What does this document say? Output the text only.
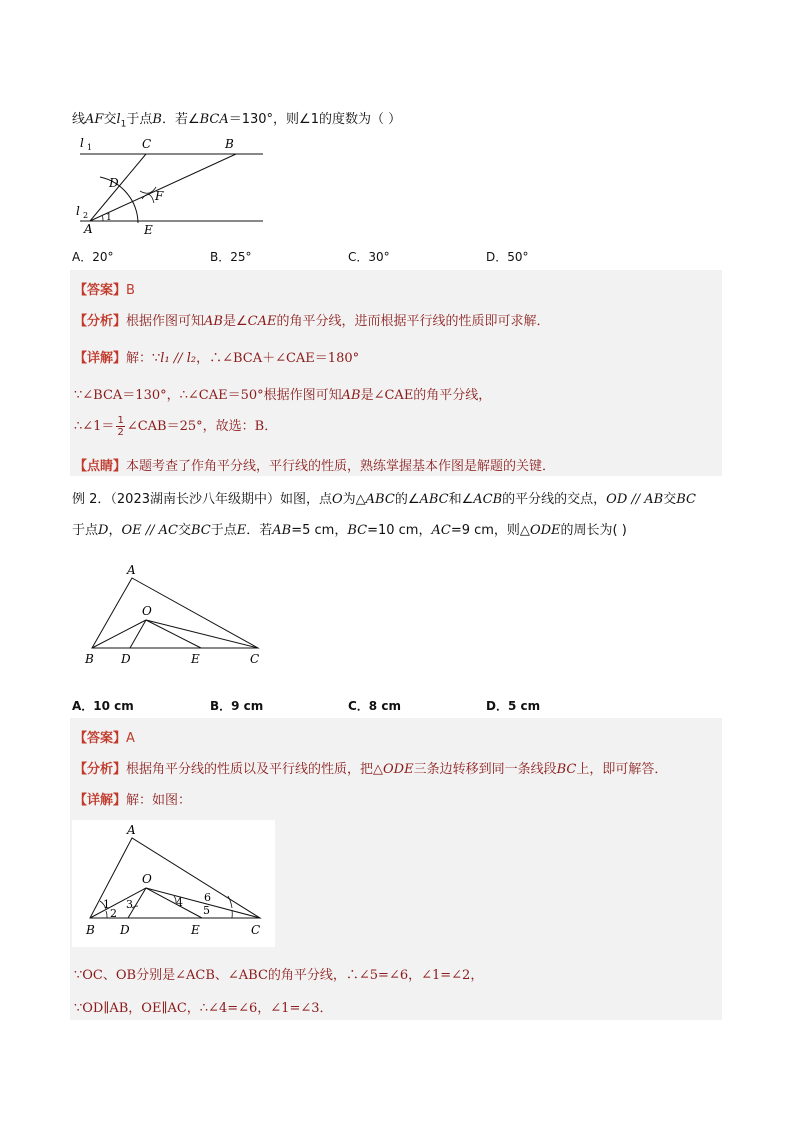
线AF交$l_1$于点B．若∠BCA＝130°，则∠1的度数为（ ）
l 1	C	B
D
F
l 2 1
A	E
A．20°	B．25°	C．30°	D．50°
【答案】B
【分析】根据作图可知AB是∠CAE的角平分线，进而根据平行线的性质即可求解．
【详解】解：∵l₁ // l₂，∴∠BCA＋∠CAE＝180°
∵∠BCA＝130°，∴∠CAE＝50°根据作图可知AB是∠CAE的角平分线，
∴∠1＝ $\frac{1}{2}$ ∠CAB＝25°，故选：B．
【点睛】本题考查了作角平分线，平行线的性质，熟练掌握基本作图是解题的关键．
例 2．（2023湖南长沙八年级期中）如图，点O为△ABC的∠ABC和∠ACB的平分线的交点，OD // AB交BC
于点D，OE // AC交BC于点E．若AB=5 cm，BC=10 cm，AC=9 cm，则△ODE的周长为( )
A
O
B D	E	C
A．10 cm	B．9 cm	C．8 cm	D．5 cm
【答案】A
【分析】根据角平分线的性质以及平行线的性质，把△ODE三条边转移到同一条线段BC上，即可解答．
【详解】解：如图：
A
O
B D	E	C
1
2
3	4
5
6
∵OC、OB分别是∠ACB、∠ABC的角平分线，∴∠5=∠6，∠1=∠2，
∵OD∥AB，OE∥AC，∴∠4=∠6，∠1=∠3．
